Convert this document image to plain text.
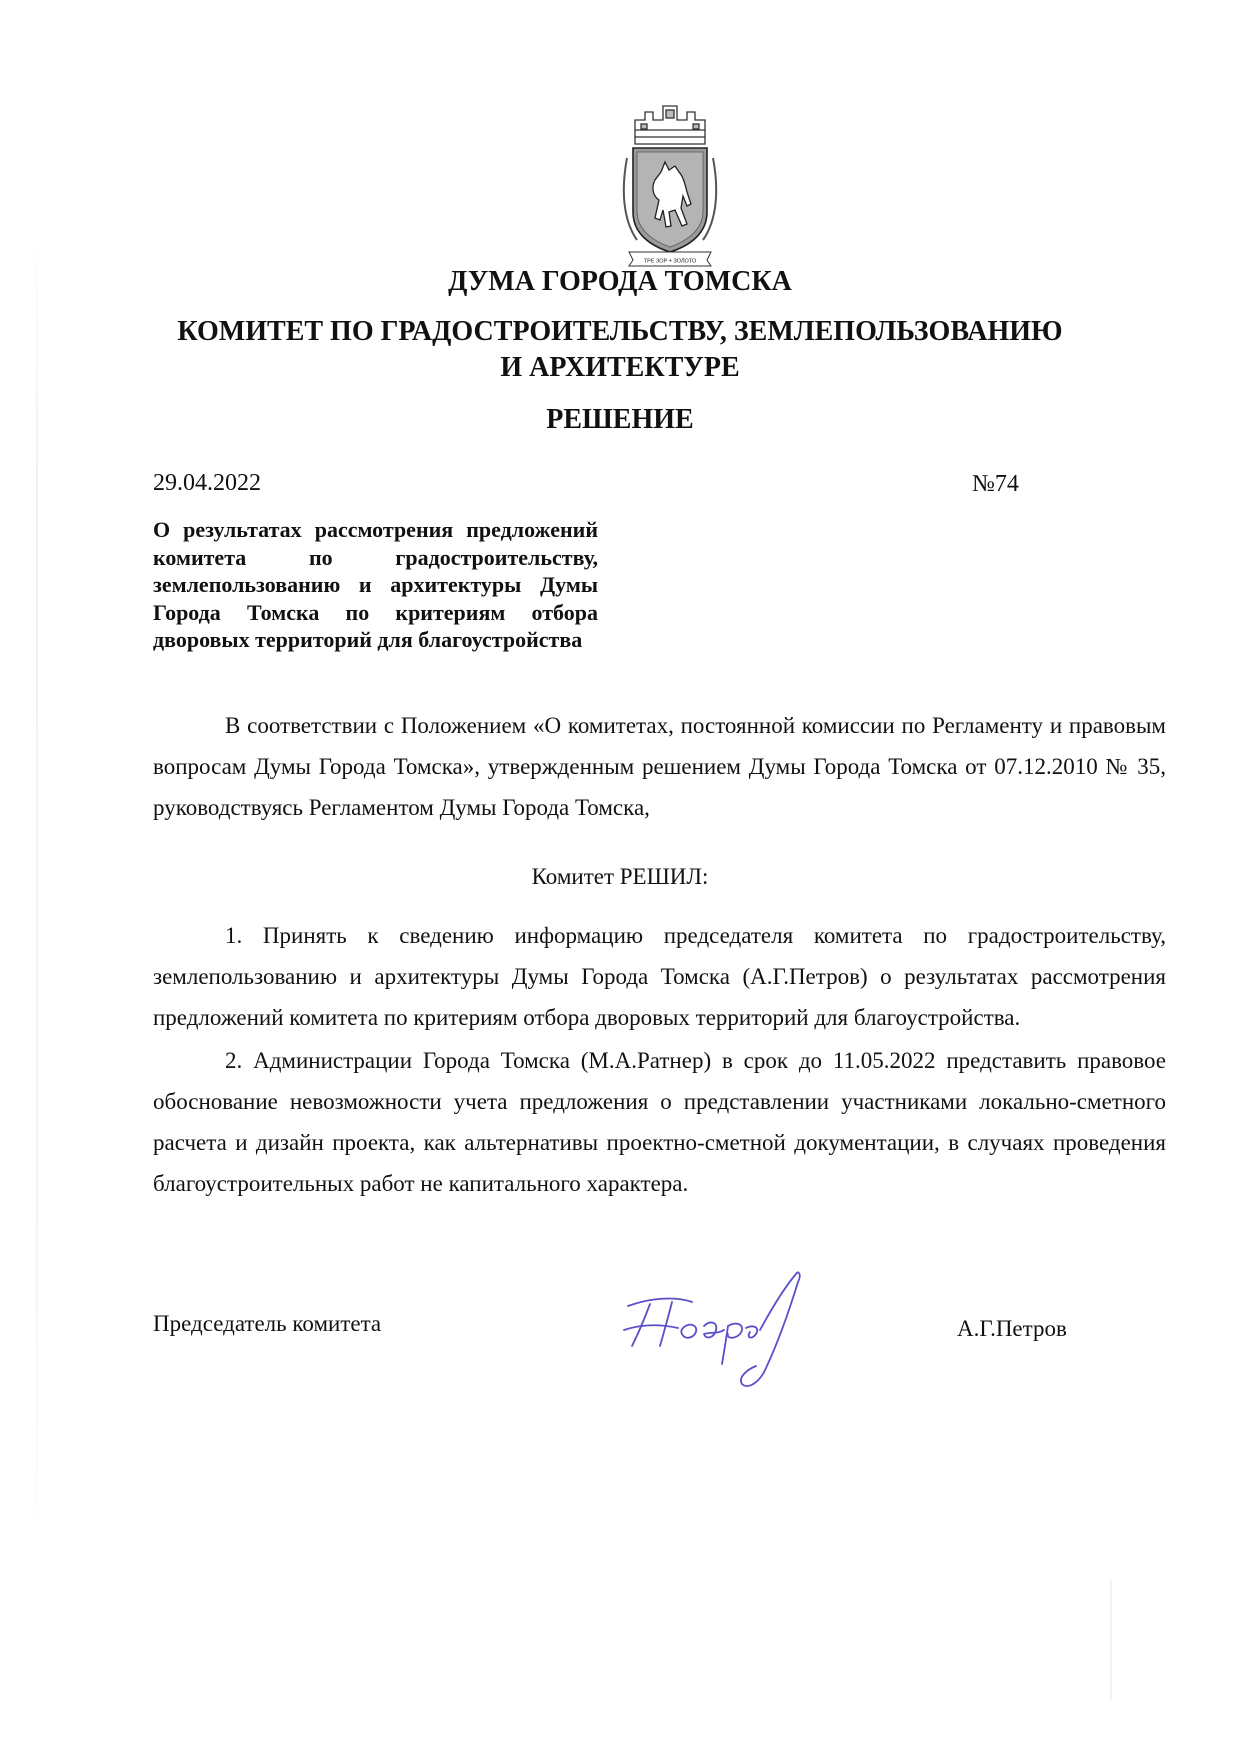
ТРЕ ЗОР + ЗОЛОТО
ДУМА ГОРОДА ТОМСКА
КОМИТЕТ ПО ГРАДОСТРОИТЕЛЬСТВУ, ЗЕМЛЕПОЛЬЗОВАНИЮ
И АРХИТЕКТУРЕ
РЕШЕНИЕ
29.04.2022	№74
О результатах рассмотрения предложений комитета по градостроительству, землепользованию и архитектуры Думы Города Томска по критериям отбора дворовых территорий для благоустройства
В соответствии с Положением «О комитетах, постоянной комиссии по Регламенту и правовым вопросам Думы Города Томска», утвержденным решением Думы Города Томска от 07.12.2010 № 35, руководствуясь Регламентом Думы Города Томска,
Комитет РЕШИЛ:
1. Принять к сведению информацию председателя комитета по градостроительству, землепользованию и архитектуры Думы Города Томска (А.Г.Петров) о результатах рассмотрения предложений комитета по критериям отбора дворовых территорий для благоустройства.
2. Администрации Города Томска (М.А.Ратнер) в срок до 11.05.2022 представить правовое обоснование невозможности учета предложения о представлении участниками локально-сметного расчета и дизайн проекта, как альтернативы проектно-сметной документации, в случаях проведения благоустроительных работ не капитального характера.
Председатель комитета	А.Г.Петров
